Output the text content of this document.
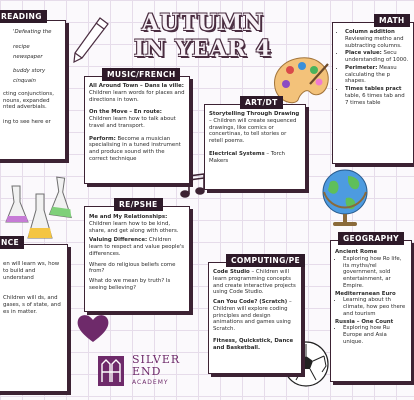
AUTUMN IN YEAR 4
'Defeating the
recipe
newspaper
buddy story
cinquain
cting conjunctions, nouns, expanded nted adverbials.
ing to see here er
READING
All Around Town – Dans la ville:
Children learn words for places and directions in town.
On the Move – En route: Children learn how to talk about travel and transport.
Perform: Become a musician specialising in a tuned instrument and produce sound with the correct technique
MUSIC/FRENCH
Storytelling Through Drawing – Children will create sequenced drawings, like comics or concertinas, to tell stories or retell poems.
Electrical Systems – Torch Makers
ART/DT
• Column addition Reviewing metho and subtracting columns.
• Place value: Secu understanding of 1000.
• Perimeter: Measu calculating the p shapes.
• Times tables pract table, 6 times tab and 7 times table
MATH
Me and My Relationships: Children learn how to be kind, share, and get along with others.
Valuing Difference: Children learn to respect and value people's differences.
Where do religious beliefs come from?
What do we mean by truth? Is seeing believing?
RE/PSHE
en will learn ws, how to build and understand
Children will ds, and gases, s of state, and es in matter.
NCE
Code Studio – Children will learn programming concepts and create interactive projects using Code Studio.
Can You Code? (Scratch) – Children will explore coding principles and design animations and games using Scratch.
Fitness, Quickstick, Dance and Basketball.
COMPUTING/PE
Ancient Rome
• Exploring how Ro life, its myths/rel government, sold entertainment, ar Empire.
Mediterranean Euro
• Learning about th climate, how peo there and tourism
Russia – One Count
• Exploring how Ru Europe and Asia unique.
GEOGRAPHY
SILVER
END
ACADEMY
